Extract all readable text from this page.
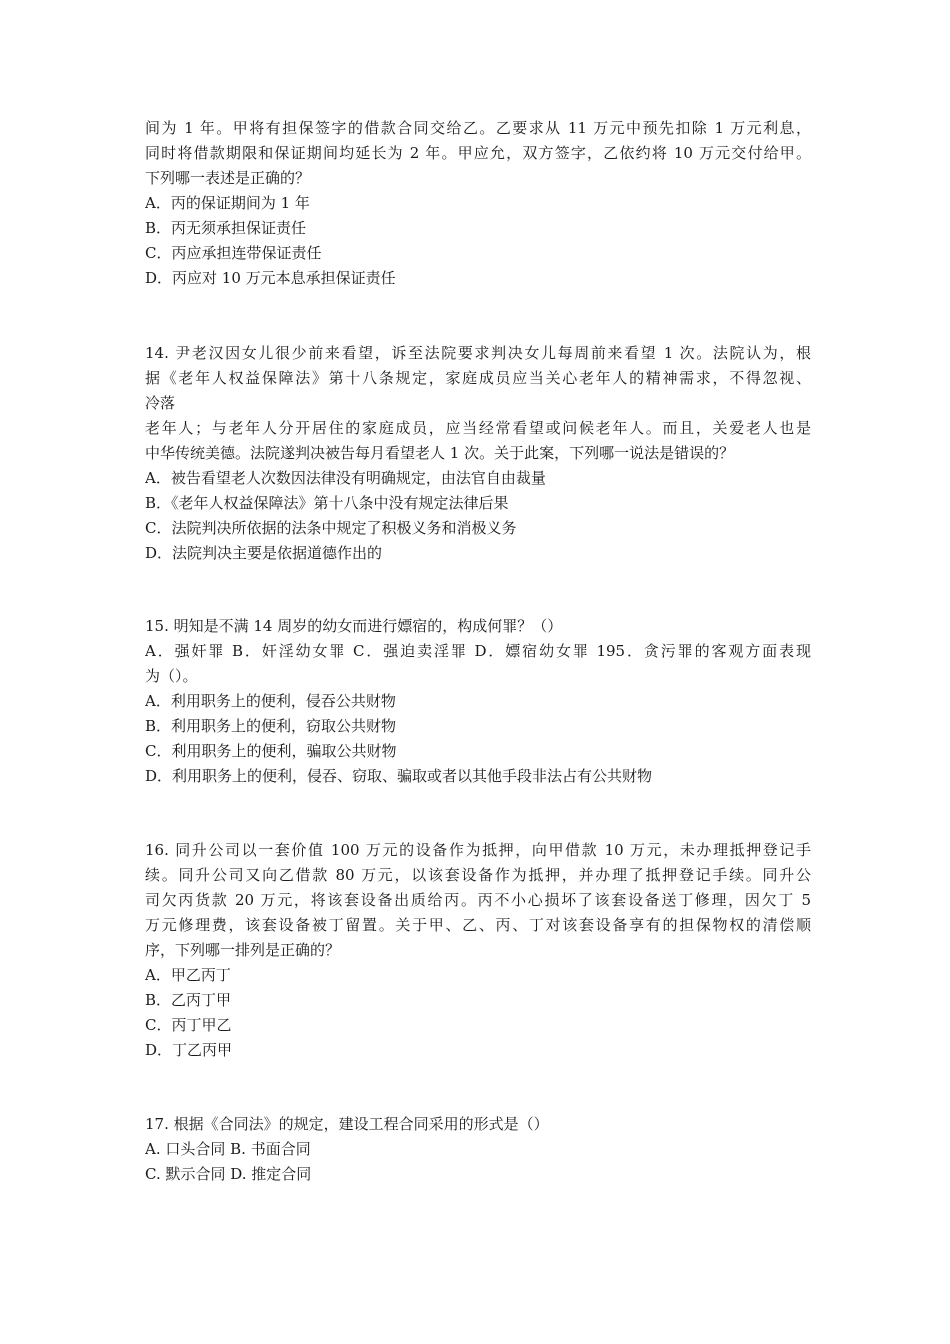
间为 1 年。甲将有担保签字的借款合同交给乙。乙要求从 11 万元中预先扣除 1 万元利息，
同时将借款期限和保证期间均延长为 2 年。甲应允，双方签字，乙依约将 10 万元交付给甲。
下列哪一表述是正确的？
A．丙的保证期间为 1 年
B．丙无须承担保证责任
C．丙应承担连带保证责任
D．丙应对 10 万元本息承担保证责任
14. 尹老汉因女儿很少前来看望，诉至法院要求判决女儿每周前来看望 1 次。法院认为，根
据《老年人权益保障法》第十八条规定，家庭成员应当关心老年人的精神需求，不得忽视、
冷落
老年人；与老年人分开居住的家庭成员，应当经常看望或问候老年人。而且，关爱老人也是
中华传统美德。法院遂判决被告每月看望老人 1 次。关于此案，下列哪一说法是错误的？
A．被告看望老人次数因法律没有明确规定，由法官自由裁量
B．《老年人权益保障法》第十八条中没有规定法律后果
C．法院判决所依据的法条中规定了积极义务和消极义务
D．法院判决主要是依据道德作出的
15. 明知是不满 14 周岁的幼女而进行嫖宿的，构成何罪？（）
A．强奸罪 B．奸淫幼女罪 C．强迫卖淫罪 D．嫖宿幼女罪 195．贪污罪的客观方面表现
为（）。
A．利用职务上的便利，侵吞公共财物
B．利用职务上的便利，窃取公共财物
C．利用职务上的便利，骗取公共财物
D．利用职务上的便利，侵吞、窃取、骗取或者以其他手段非法占有公共财物
16. 同升公司以一套价值 100 万元的设备作为抵押，向甲借款 10 万元，未办理抵押登记手
续。同升公司又向乙借款 80 万元，以该套设备作为抵押，并办理了抵押登记手续。同升公
司欠丙货款 20 万元，将该套设备出质给丙。丙不小心损坏了该套设备送丁修理，因欠丁 5
万元修理费，该套设备被丁留置。关于甲、乙、丙、丁对该套设备享有的担保物权的清偿顺
序，下列哪一排列是正确的？
A．甲乙丙丁
B．乙丙丁甲
C．丙丁甲乙
D．丁乙丙甲
17. 根据《合同法》的规定，建设工程合同采用的形式是（）
A. 口头合同 B. 书面合同
C. 默示合同 D. 推定合同
